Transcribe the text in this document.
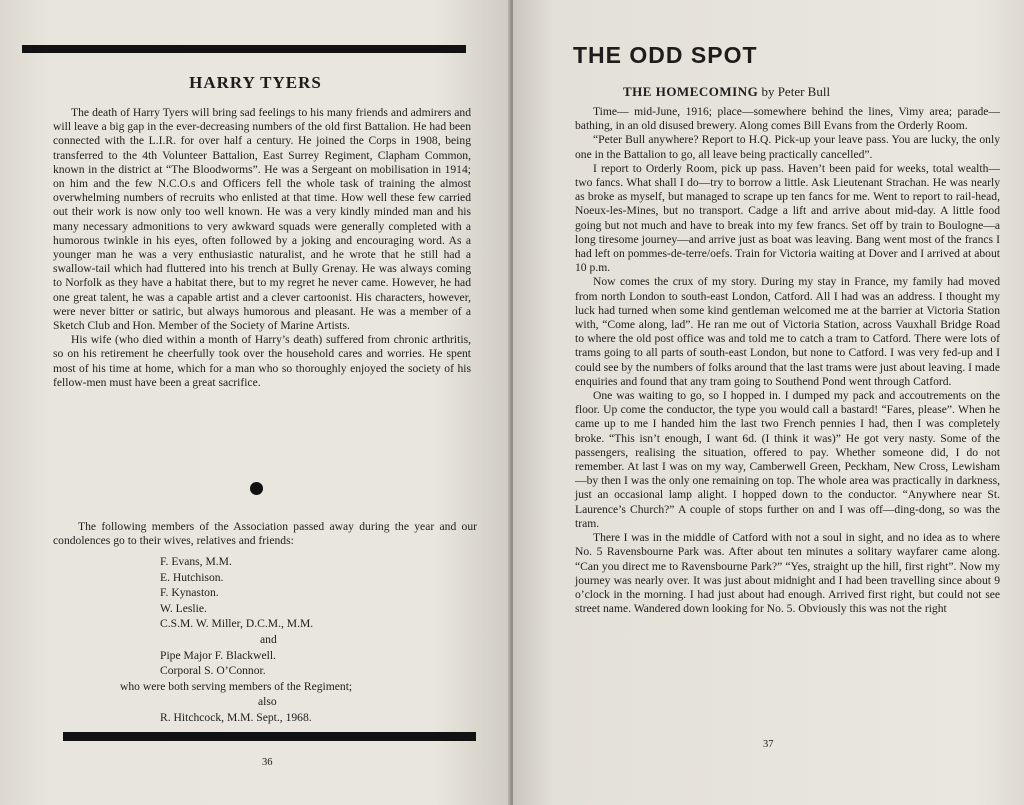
HARRY TYERS

The death of Harry Tyers will bring sad feelings to his many friends and admirers and will leave a big gap in the ever-decreasing numbers of the old first Battalion. He had been connected with the L.I.R. for over half a century. He joined the Corps in 1908, being transferred to the 4th Volunteer Battalion, East Surrey Regiment, Clapham Common, known in the district at “The Bloodworms”. He was a Sergeant on mobilisation in 1914; on him and the few N.C.O.s and Officers fell the whole task of training the almost overwhelming numbers of recruits who enlisted at that time. How well these few carried out their work is now only too well known. He was a very kindly minded man and his many necessary admonitions to very awkward squads were generally completed with a humorous twinkle in his eyes, often followed by a joking and encouraging word. As a younger man he was a very enthusiastic naturalist, and he wrote that he still had a swallow-tail which had fluttered into his trench at Bully Grenay. He was always coming to Norfolk as they have a habitat there, but to my regret he never came. However, he had one great talent, he was a capable artist and a clever cartoonist. His characters, however, were never bitter or satiric, but always humorous and pleasant. He was a member of a Sketch Club and Hon. Member of the Society of Marine Artists.

His wife (who died within a month of Harry’s death) suffered from chronic arthritis, so on his retirement he cheerfully took over the household cares and worries. He spent most of his time at home, which for a man who so thoroughly enjoyed the society of his fellow-men must have been a great sacrifice.

The following members of the Association passed away during the year and our condolences go to their wives, relatives and friends:

F. Evans, M.M.
E. Hutchison.
F. Kynaston.
W. Leslie.
C.S.M. W. Miller, D.C.M., M.M.
and
Pipe Major F. Blackwell.
Corporal S. O’Connor.
who were both serving members of the Regiment;
also
R. Hitchcock, M.M. Sept., 1968.
36
THE ODD SPOT
THE HOMECOMING by Peter Bull

Time— mid-June, 1916; place—somewhere behind the lines, Vimy area; parade—bathing, in an old disused brewery. Along comes Bill Evans from the Orderly Room.

“Peter Bull anywhere? Report to H.Q. Pick-up your leave pass. You are lucky, the only one in the Battalion to go, all leave being practically cancelled”.

I report to Orderly Room, pick up pass. Haven’t been paid for weeks, total wealth—two fancs. What shall I do—try to borrow a little. Ask Lieutenant Strachan. He was nearly as broke as myself, but managed to scrape up ten fancs for me. Went to report to rail-head, Noeux-les-Mines, but no transport. Cadge a lift and arrive about mid-day. A little food going but not much and have to break into my few francs. Set off by train to Boulogne—a long tiresome journey—and arrive just as boat was leaving. Bang went most of the francs I had left on pommes-de-terre/oefs. Train for Victoria waiting at Dover and I arrived at about 10 p.m.

Now comes the crux of my story. During my stay in France, my family had moved from north London to south-east London, Catford. All I had was an address. I thought my luck had turned when some kind gentleman welcomed me at the barrier at Victoria Station with, “Come along, lad”. He ran me out of Victoria Station, across Vauxhall Bridge Road to where the old post office was and told me to catch a tram to Catford. There were lots of trams going to all parts of south-east London, but none to Catford. I was very fed-up and I could see by the numbers of folks around that the last trams were just about leaving. I made enquiries and found that any tram going to Southend Pond went through Catford.

One was waiting to go, so I hopped in. I dumped my pack and accoutrements on the floor. Up come the conductor, the type you would call a bastard! “Fares, please”. When he came up to me I handed him the last two French pennies I had, then I was completely broke. “This isn’t enough, I want 6d. (I think it was)” He got very nasty. Some of the passengers, realising the situation, offered to pay. Whether someone did, I do not remember. At last I was on my way, Camberwell Green, Peckham, New Cross, Lewisham—by then I was the only one remaining on top. The whole area was practically in darkness, just an occasional lamp alight. I hopped down to the conductor. “Anywhere near St. Laurence’s Church?” A couple of stops further on and I was off—ding-dong, so was the tram.

There I was in the middle of Catford with not a soul in sight, and no idea as to where No. 5 Ravensbourne Park was. After about ten minutes a solitary wayfarer came along. “Can you direct me to Ravensbourne Park?” “Yes, straight up the hill, first right”. Now my journey was nearly over. It was just about midnight and I had been travelling since about 9 o’clock in the morning. I had just about had enough. Arrived first right, but could not see street name. Wandered down looking for No. 5. Obviously this was not the right

37
